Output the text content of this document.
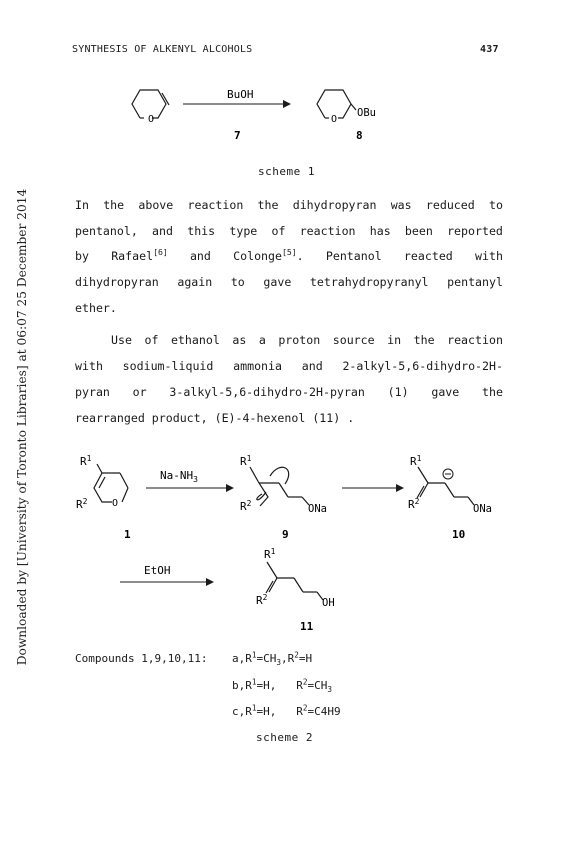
Downloaded by [University of Toronto Libraries] at 06:07 25 December 2014
SYNTHESIS OF ALKENYL ALCOHOLS	437
O
BuOH
O
OBu
7	8
scheme 1
In the above reaction the dihydropyran was reduced to
pentanol, and this type of reaction has been reported
by Rafael[6] and Colonge[5]. Pentanol reacted with
dihydropyran again to gave tetrahydropyranyl pentanyl
ether.
Use of ethanol as a proton source in the reaction
with sodium-liquid ammonia and 2-alkyl-5,6-dihydro-2H-
pyran or 3-alkyl-5,6-dihydro-2H-pyran (1) gave the
rearranged product, (E)-4-hexenol (11) .
$R^1$
$R^2$ O
1
$Na-NH_3$
$R^1$
$R^2$	ONa
9
$R^1$
$R^2$
ONa
10
EtOH
$R^1$
$R^2$	OH
11
Compounds 1,9,10,11: $a,R^1=CH_3,R^2=H$
$b,R^1=H$,   $R^2=CH_3$
$c,R^1=H$,   $R^2=C4H9$
scheme 2
